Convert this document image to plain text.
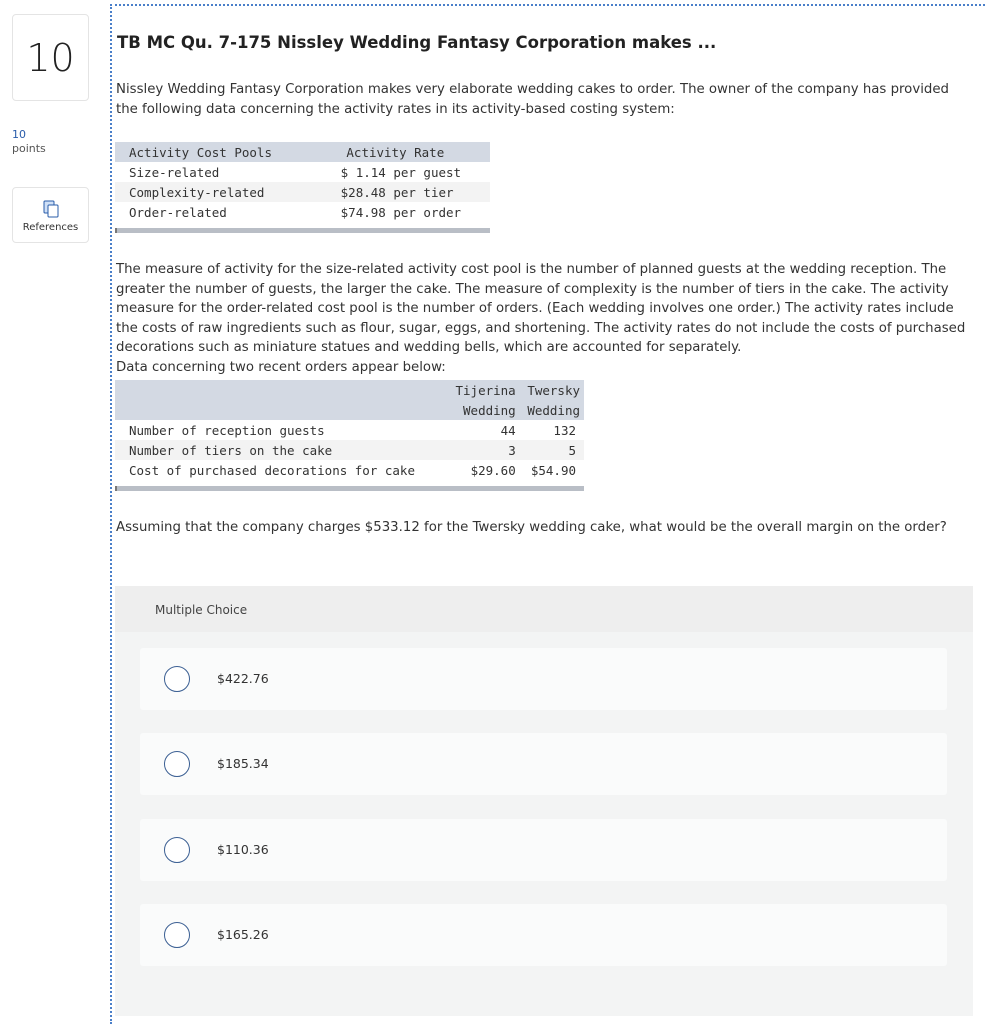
10
10
points
References
TB MC Qu. 7-175 Nissley Wedding Fantasy Corporation makes ...
Nissley Wedding Fantasy Corporation makes very elaborate wedding cakes to order. The owner of the company has provided the following data concerning the activity rates in its activity-based costing system:
Activity Cost Pools	Activity Rate
Size-related	$ 1.14 per guest
Complexity-related	$28.48 per tier
Order-related	$74.98 per order
The measure of activity for the size-related activity cost pool is the number of planned guests at the wedding reception. The greater the number of guests, the larger the cake. The measure of complexity is the number of tiers in the cake. The activity measure for the order-related cost pool is the number of orders. (Each wedding involves one order.) The activity rates include the costs of raw ingredients such as flour, sugar, eggs, and shortening. The activity rates do not include the costs of purchased decorations such as miniature statues and wedding bells, which are accounted for separately.
Data concerning two recent orders appear below:
	Tijerina	Twersky
	Wedding	Wedding
Number of reception guests	44	132
Number of tiers on the cake	3	5
Cost of purchased decorations for cake	$29.60	$54.90
Assuming that the company charges $533.12 for the Twersky wedding cake, what would be the overall margin on the order?
Multiple Choice
$422.76
$185.34
$110.36
$165.26
